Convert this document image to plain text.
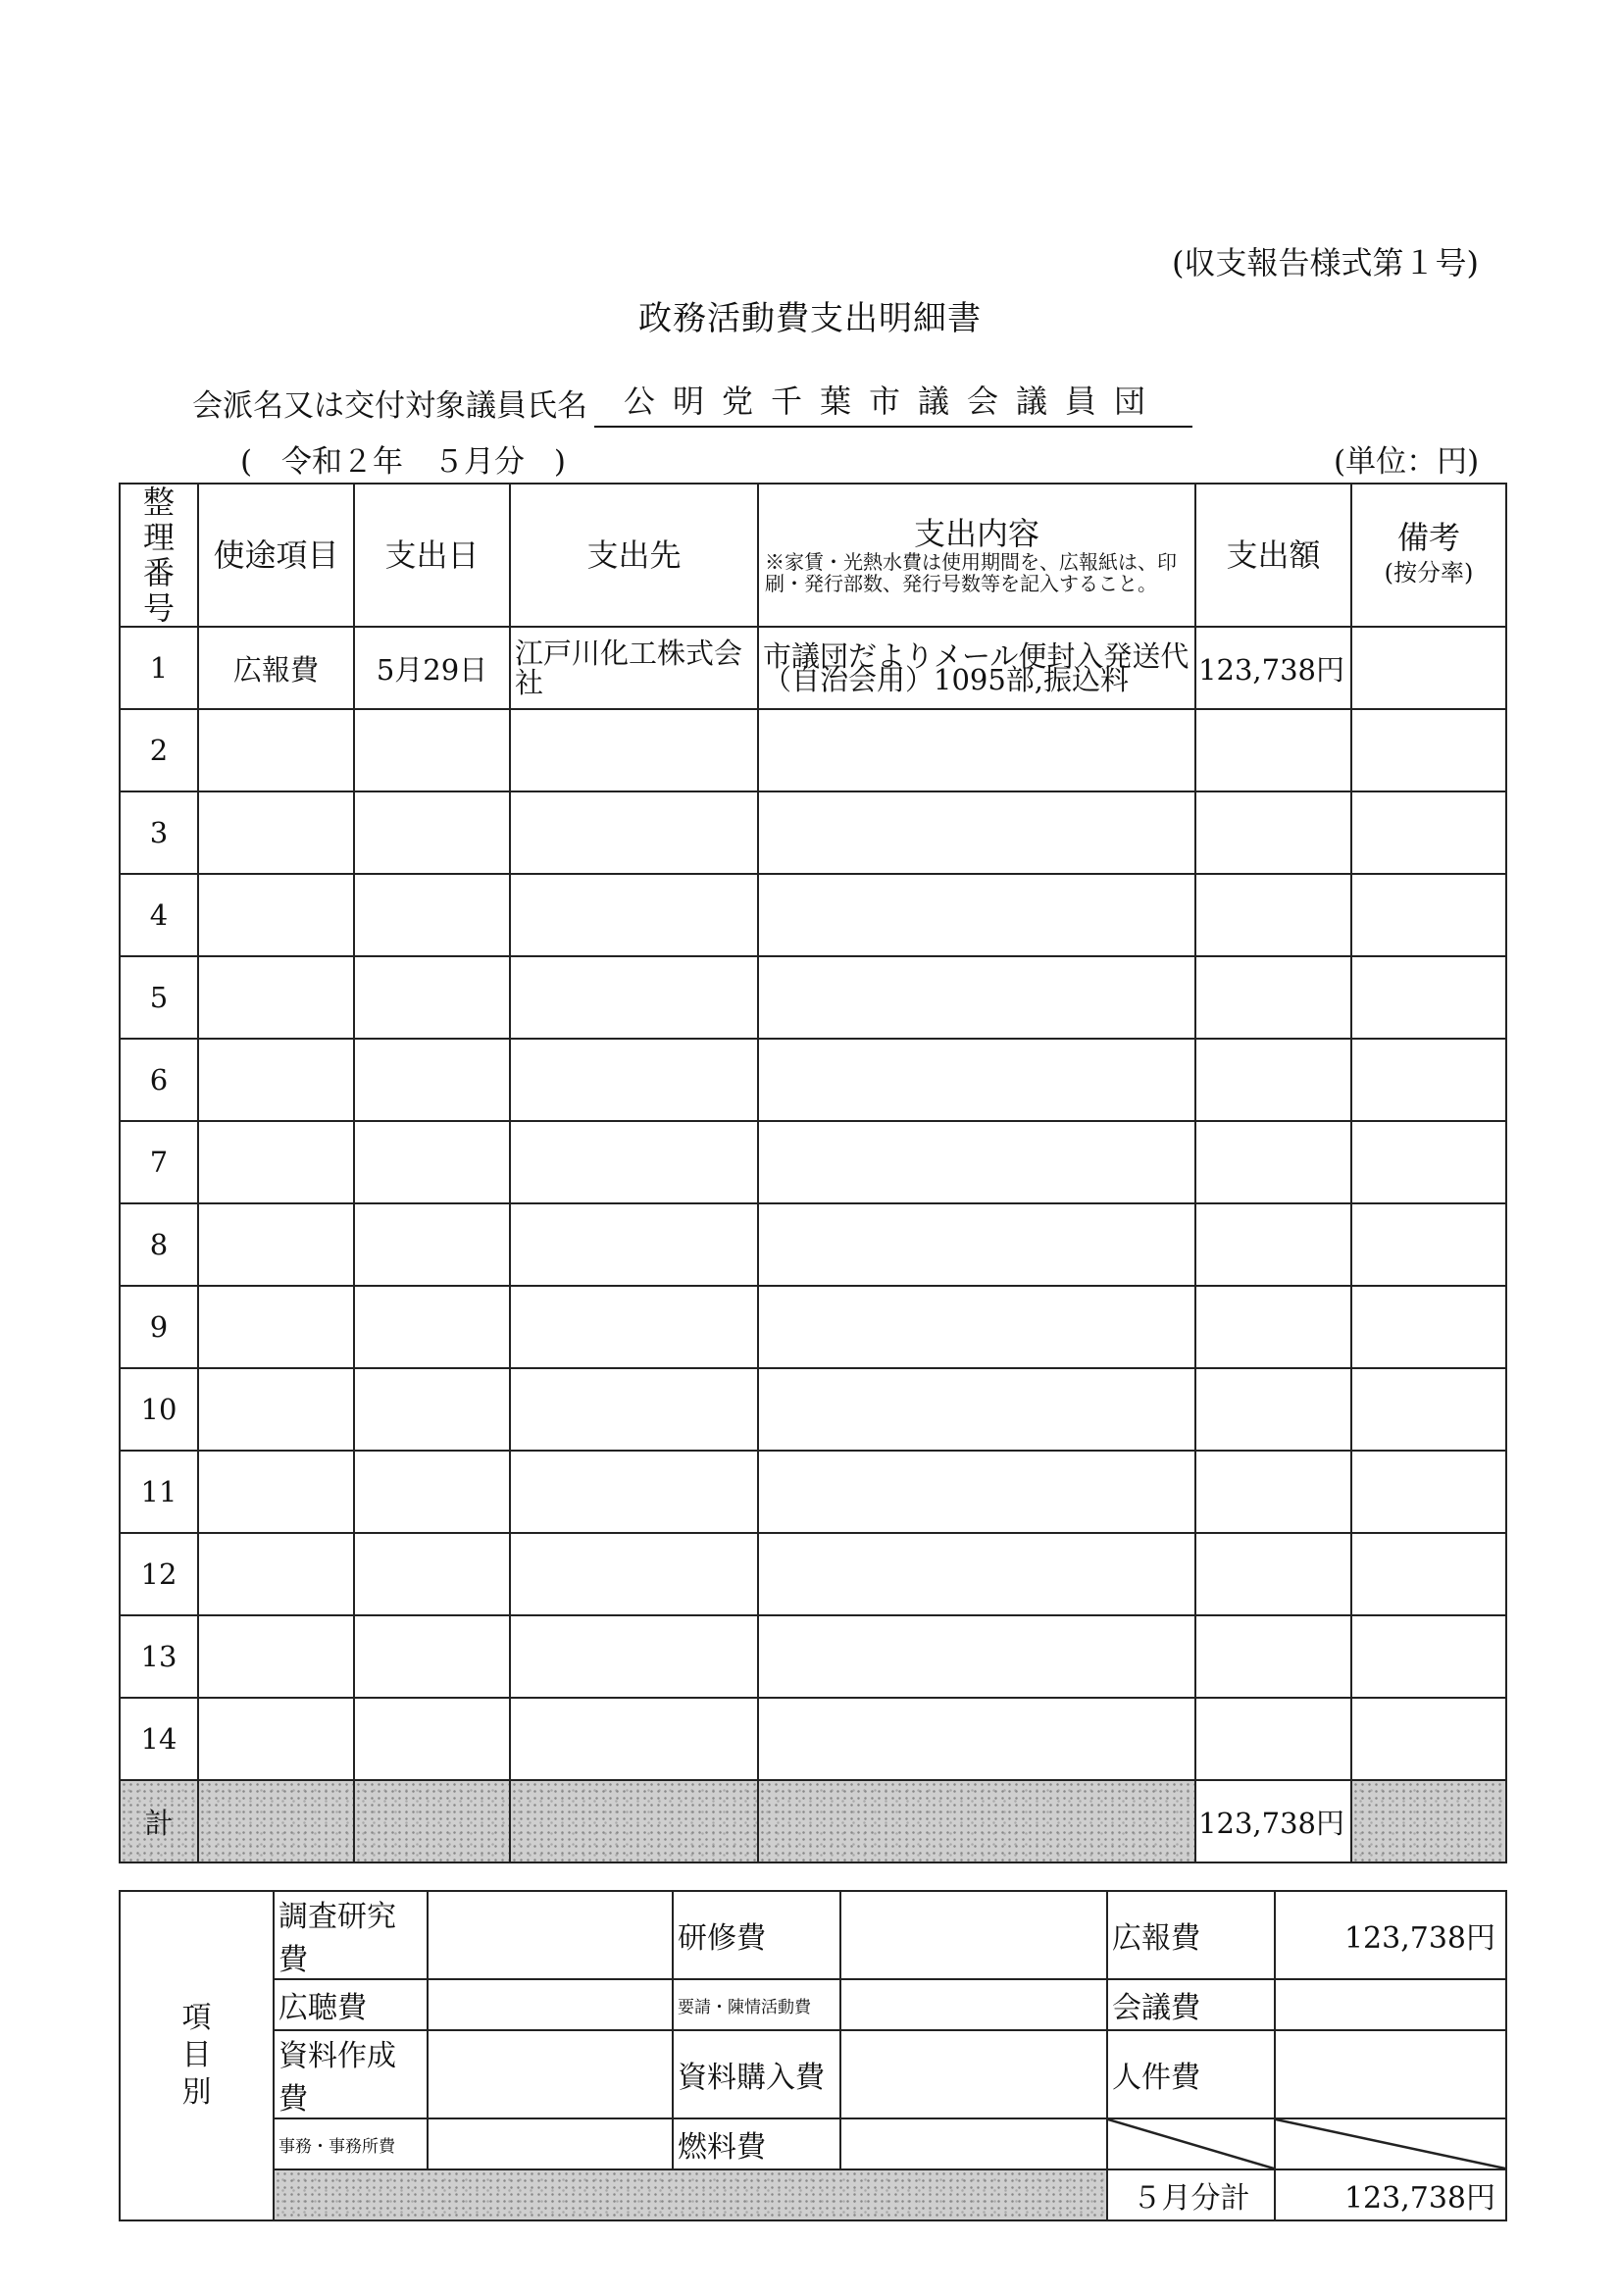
(収支報告様式第１号)
政務活動費支出明細書
会派名又は交付対象議員氏名	公明党千葉市議会議員団
( 令和２年　５月分 )	(単位：円)
整理番号	使途項目	支出日	支出先	支出内容
※家賃・光熱水費は使用期間を、広報紙は、印刷・発行部数、発行号数等を記入すること。	支出額	備考
(按分率)

1	広報費	5月29日	江戸川化工株式会社	市議団だよりメール便封入発送代（自治会用）1095部,振込料	123,738円	
2						
3						
4						
5						
6						
7						
8						
9						
10						
11						
12						
13						
14						
計					123,738円	
項目別	調査研究費		研修費		広報費	123,738円
	広聴費		要請・陳情活動費		会議費	
	資料作成費		資料購入費		人件費	
	事務・事務所費		燃料費			
					５月分計	123,738円
